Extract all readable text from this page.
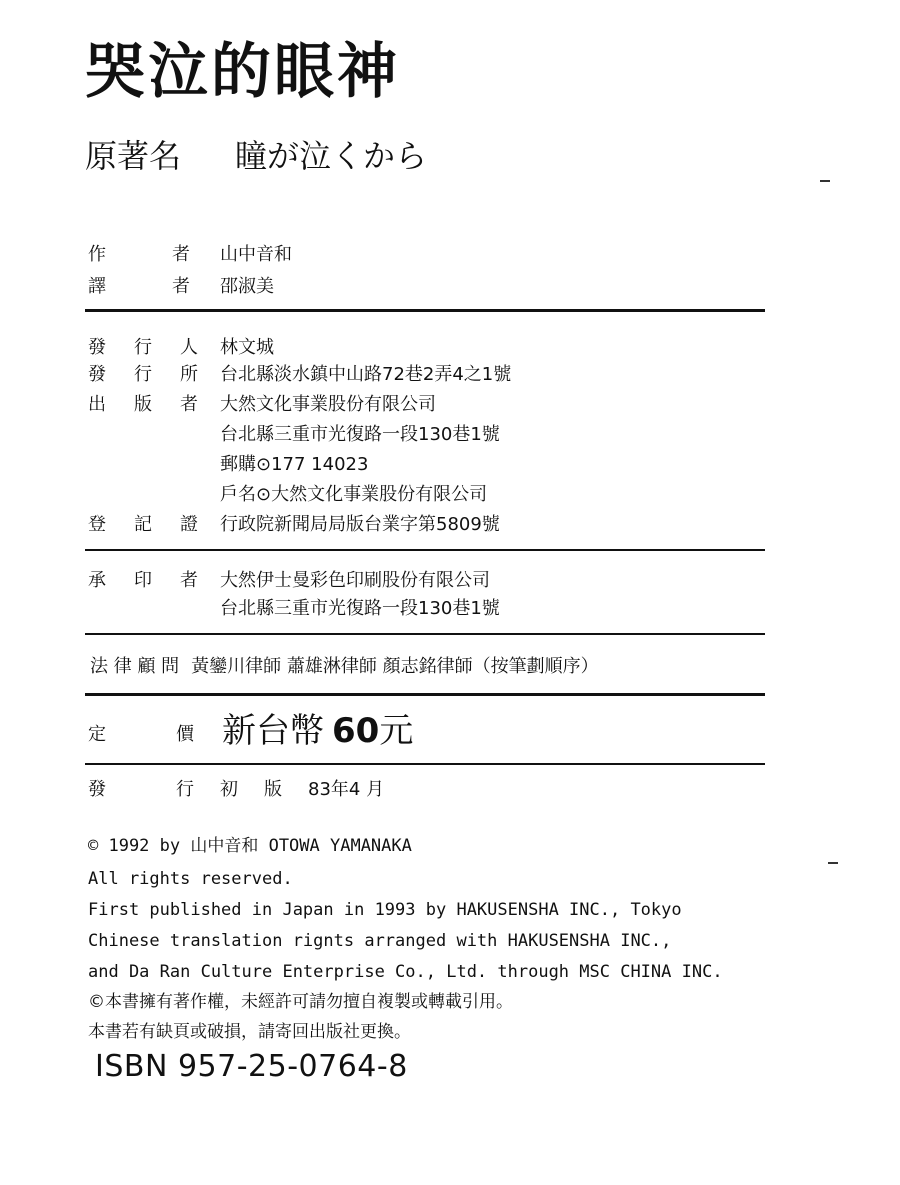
哭泣的眼神
原著名 瞳が泣くから
作	者 山中音和
譯	者 邵淑美
發 行 人 林文城
發 行 所 台北縣淡水鎮中山路72巷2弄4之1號
出 版 者 大然文化事業股份有限公司
台北縣三重市光復路一段130巷1號
郵購⊙177 14023
戶名⊙大然文化事業股份有限公司
登 記 證 行政院新聞局局版台業字第5809號
承 印 者 大然伊士曼彩色印刷股份有限公司
台北縣三重市光復路一段130巷1號
法 律 顧 問 黃鑾川律師 蕭雄淋律師 顏志銘律師（按筆劃順序）
定	價 新台幣 60元
發	行	初	版	83年4 月
© 1992 by 山中音和 OTOWA YAMANAKA
All rights reserved.
First published in Japan in 1993 by HAKUSENSHA INC., Tokyo
Chinese translation rignts arranged with HAKUSENSHA INC.,
and Da Ran Culture Enterprise Co., Ltd. through MSC CHINA INC.
©本書擁有著作權，未經許可請勿擅自複製或轉載引用。
本書若有缺頁或破損，請寄回出版社更換。
ISBN 957-25-0764-8
